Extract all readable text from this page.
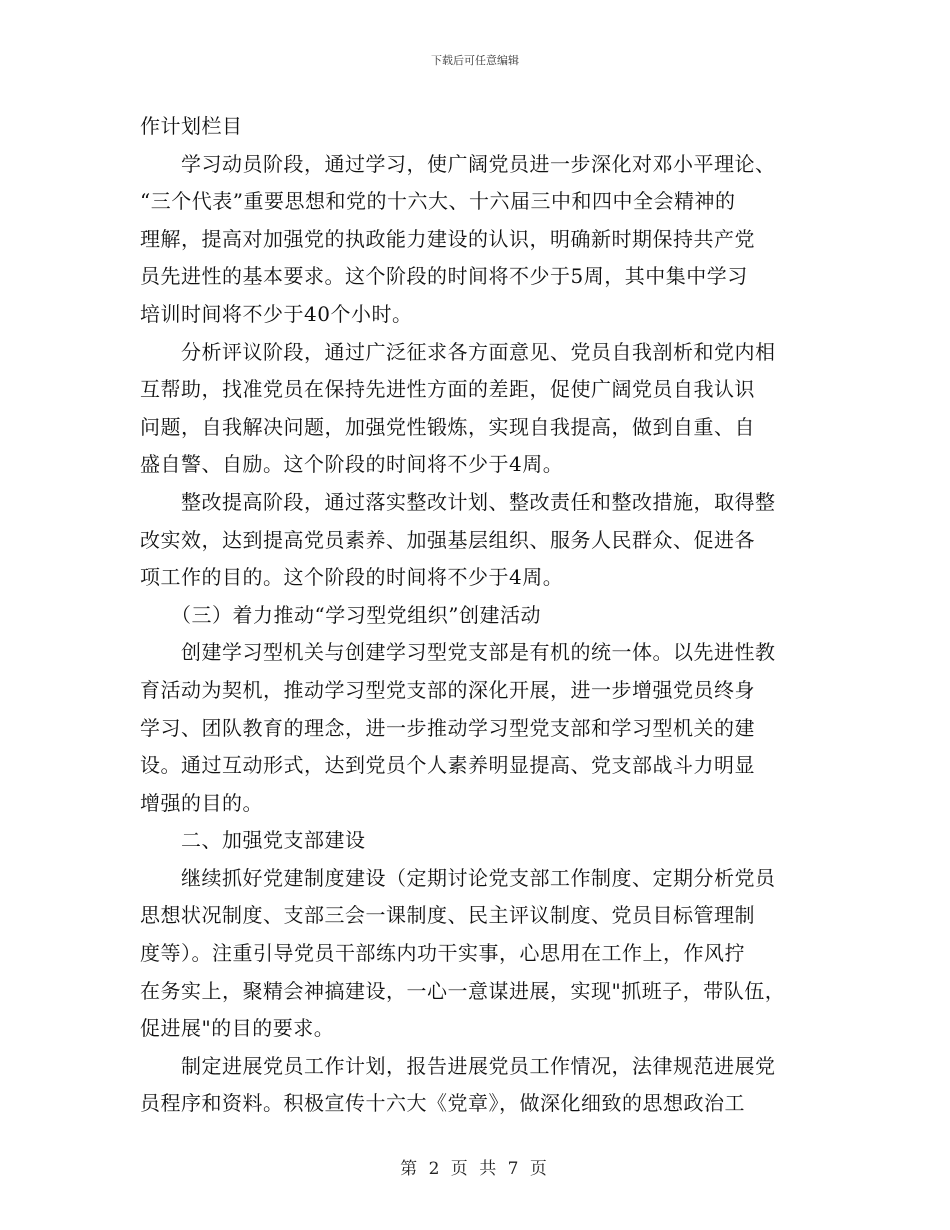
下载后可任意编辑
作计划栏目
　　学习动员阶段，通过学习，使广阔党员进一步深化对邓小平理论、
“三个代表”重要思想和党的十六大、十六届三中和四中全会精神的
理解，提高对加强党的执政能力建设的认识，明确新时期保持共产党
员先进性的基本要求。这个阶段的时间将不少于5周，其中集中学习
培训时间将不少于40个小时。
　　分析评议阶段，通过广泛征求各方面意见、党员自我剖析和党内相
互帮助，找准党员在保持先进性方面的差距，促使广阔党员自我认识
问题，自我解决问题，加强党性锻炼，实现自我提高，做到自重、自
盛自警、自励。这个阶段的时间将不少于4周。
　　整改提高阶段，通过落实整改计划、整改责任和整改措施，取得整
改实效，达到提高党员素养、加强基层组织、服务人民群众、促进各
项工作的目的。这个阶段的时间将不少于4周。
　　（三）着力推动“学习型党组织”创建活动
　　创建学习型机关与创建学习型党支部是有机的统一体。以先进性教
育活动为契机，推动学习型党支部的深化开展，进一步增强党员终身
学习、团队教育的理念，进一步推动学习型党支部和学习型机关的建
设。通过互动形式，达到党员个人素养明显提高、党支部战斗力明显
增强的目的。
　　二、加强党支部建设
　　继续抓好党建制度建设（定期讨论党支部工作制度、定期分析党员
思想状况制度、支部三会一课制度、民主评议制度、党员目标管理制
度等）。注重引导党员干部练内功干实事，心思用在工作上，作风拧
在务实上，聚精会神搞建设，一心一意谋进展，实现"抓班子，带队伍，
促进展"的目的要求。
　　制定进展党员工作计划，报告进展党员工作情况，法律规范进展党
员程序和资料。积极宣传十六大《党章》，做深化细致的思想政治工
第 2 页 共 7 页
